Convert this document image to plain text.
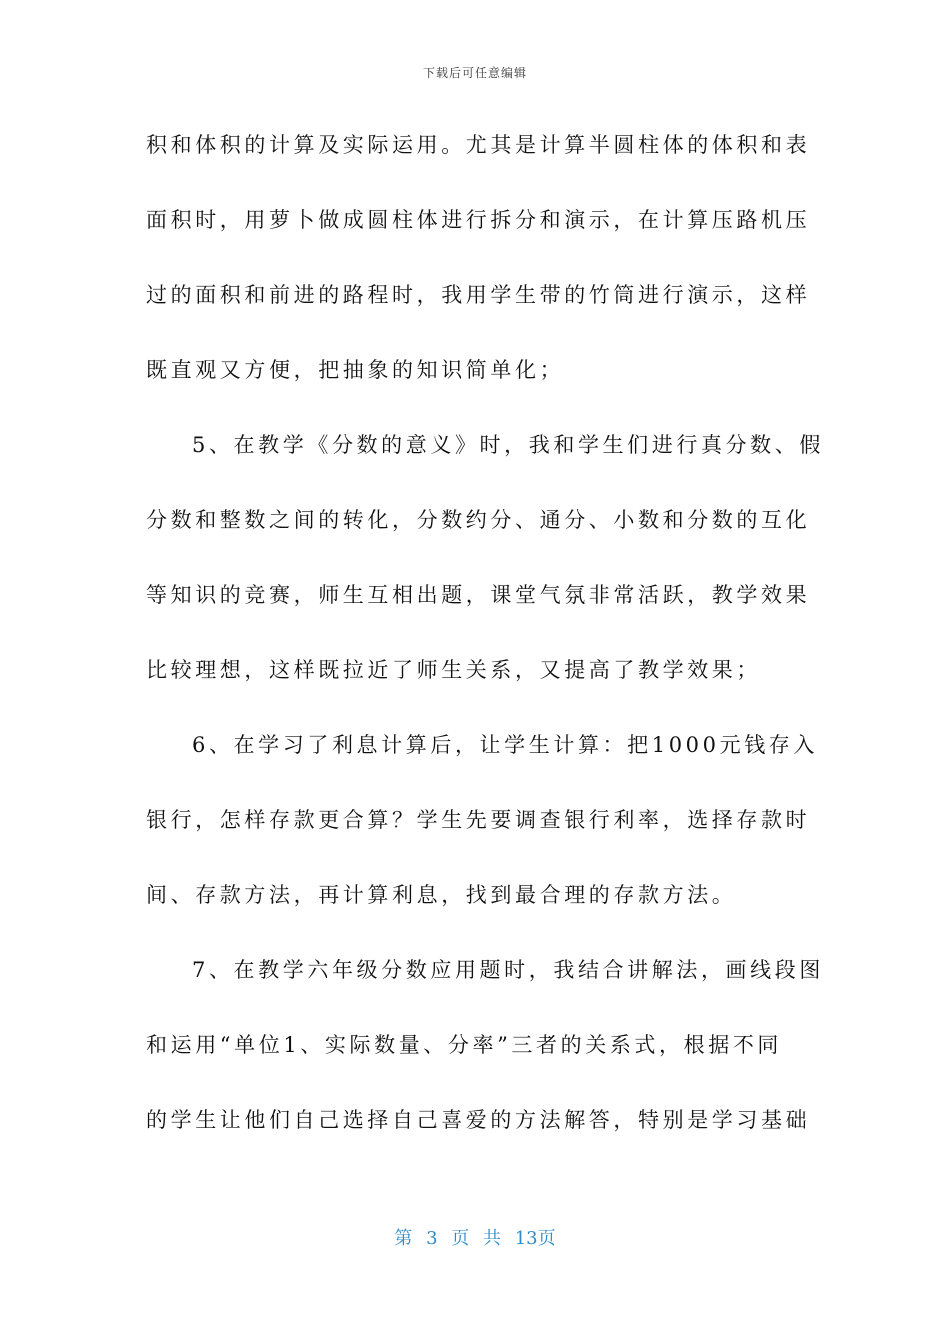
下载后可任意编辑
积和体积的计算及实际运用。尤其是计算半圆柱体的体积和表
面积时，用萝卜做成圆柱体进行拆分和演示，在计算压路机压
过的面积和前进的路程时，我用学生带的竹筒进行演示，这样
既直观又方便，把抽象的知识简单化；
5、在教学《分数的意义》时，我和学生们进行真分数、假
分数和整数之间的转化，分数约分、通分、小数和分数的互化
等知识的竞赛，师生互相出题，课堂气氛非常活跃，教学效果
比较理想，这样既拉近了师生关系，又提高了教学效果；
6、在学习了利息计算后，让学生计算：把1000元钱存入
银行，怎样存款更合算？学生先要调查银行利率，选择存款时
间、存款方法，再计算利息，找到最合理的存款方法。
7、在教学六年级分数应用题时，我结合讲解法，画线段图
和运用“单位1、实际数量、分率”三者的关系式，根据不同
的学生让他们自己选择自己喜爱的方法解答，特别是学习基础
第 3 页 共 13页
